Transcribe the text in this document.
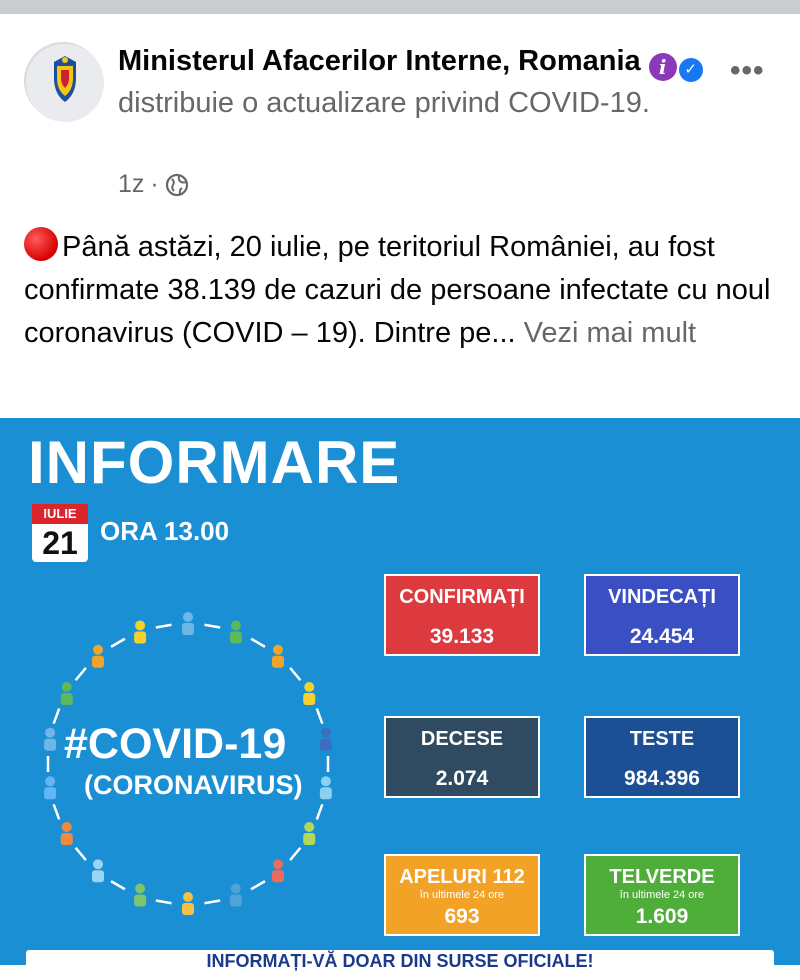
Ministerul Afacerilor Interne, Romania i ✓ distribuie o actualizare privind COVID-19.
1z ·
•••
Până astăzi, 20 iulie, pe teritoriul României, au fost confirmate 38.139 de cazuri de persoane infectate cu noul coronavirus (COVID – 19). Dintre pe... Vezi mai mult
INFORMARE
IULIE
21 ORA 13.00
#COVID-19
(CORONAVIRUS)
CONFIRMAȚI
39.133
VINDECAȚI
24.454
DECESE
2.074
TESTE
984.396
APELURI 112
în ultimele 24 ore
693
TELVERDE
în ultimele 24 ore
1.609
INFORMAȚI-VĂ DOAR DIN SURSE OFICIALE!
